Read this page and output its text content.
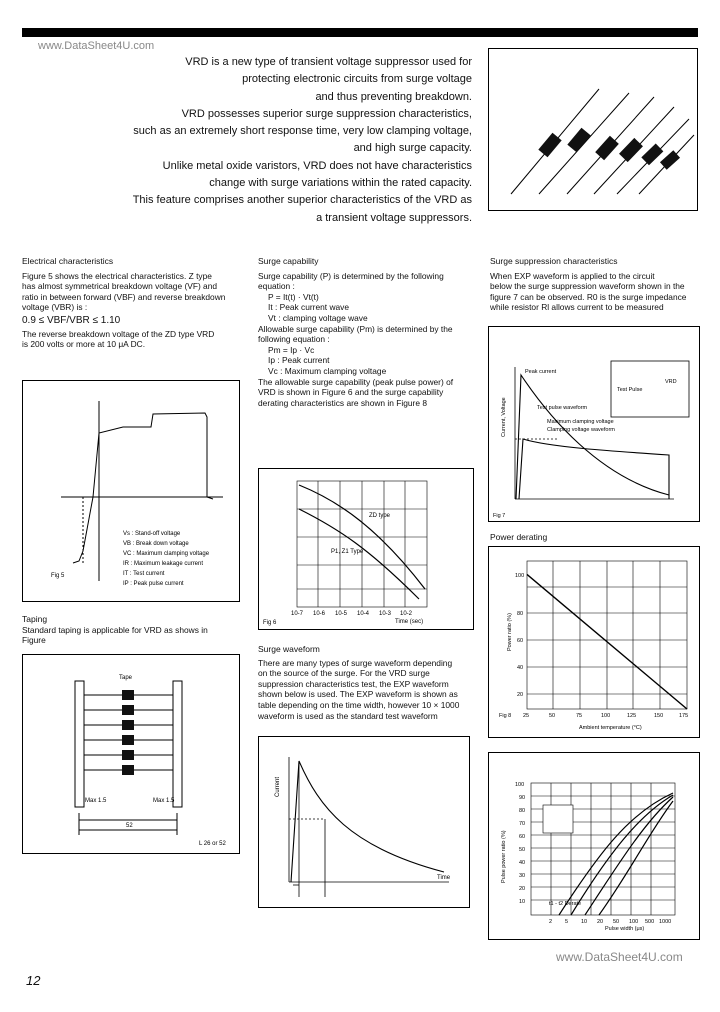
www.DataSheet4U.com
VRD is a new type of transient voltage suppressor used for
protecting electronic circuits from surge voltage
and thus preventing breakdown.
VRD possesses superior surge suppression characteristics,
such as an extremely short response time, very low clamping voltage,
and high surge capacity.
Unlike metal oxide varistors, VRD does not have characteristics
change with surge variations within the rated capacity.
This feature comprises another superior characteristics of the VRD as
a transient voltage suppressors.
Electrical characteristics
Figure 5 shows the electrical characteristics. Z type
has almost symmetrical breakdown voltage (VF) and
ratio in between forward (VBF) and reverse breakdown
voltage (VBR) is :
0.9 ≤ VBF/VBR ≤ 1.10
The reverse breakdown voltage of the ZD type VRD
is 200 volts or more at 10 μA DC.
Fig 5
Vs : Stand-off voltage
VB : Break down voltage
VC : Maximum clamping voltage
IR : Maximum leakage current
IT : Test current
IP : Peak pulse current
Taping
Standard taping is applicable for VRD as shows in
Figure
Tape
Max 1.5	Max 1.5
52
L 26 or 52
Surge capability
Surge capability (P) is determined by the following
equation :
P = It(t) · Vt(t)
It : Peak current wave
Vt : clamping voltage wave
Allowable surge capability (Pm) is determined by the
following equation :
Pm = Ip · Vc
Ip : Peak current
Vc : Maximum clamping voltage
The allowable surge capability (peak pulse power) of
VRD is shown in Figure 6 and the surge capability
derating characteristics are shown in Figure 8
Fig 6
ZD type
P1, Z1 Type
10-7 10-6 10-5 10-4 10-3 10-2
Time (sec)
Surge waveform
There are many types of surge waveform depending
on the source of the surge. For the VRD surge
suppression characteristics test, the EXP waveform
shown below is used. The EXP waveform is shown as
table depending on the time width, however 10 × 1000
waveform is used as the standard test waveform
Current
Time
Surge suppression characteristics
When EXP waveform is applied to the circuit
below the surge suppression waveform shown in the
figure 7 can be observed. R0 is the surge impedance
while resistor Rl allows current to be measured
Fig 7
Peak current
Test pulse waveform
Maximum clamping voltage
Clamping voltage waveform
Test Pulse
VRD
Current, Voltage
Power derating
Fig 8
Power ratio (%)
Ambient temperature (°C)
25	50	75	100	125	150	175
100
80
60
40
20
Pulse power ratio (%)
Pulse width (μs)
t1 - t2 Derate
100
90
80
70
60
50
40
30
20
10
2 5 10 20 50 100 500 1000
www.DataSheet4U.com
12
